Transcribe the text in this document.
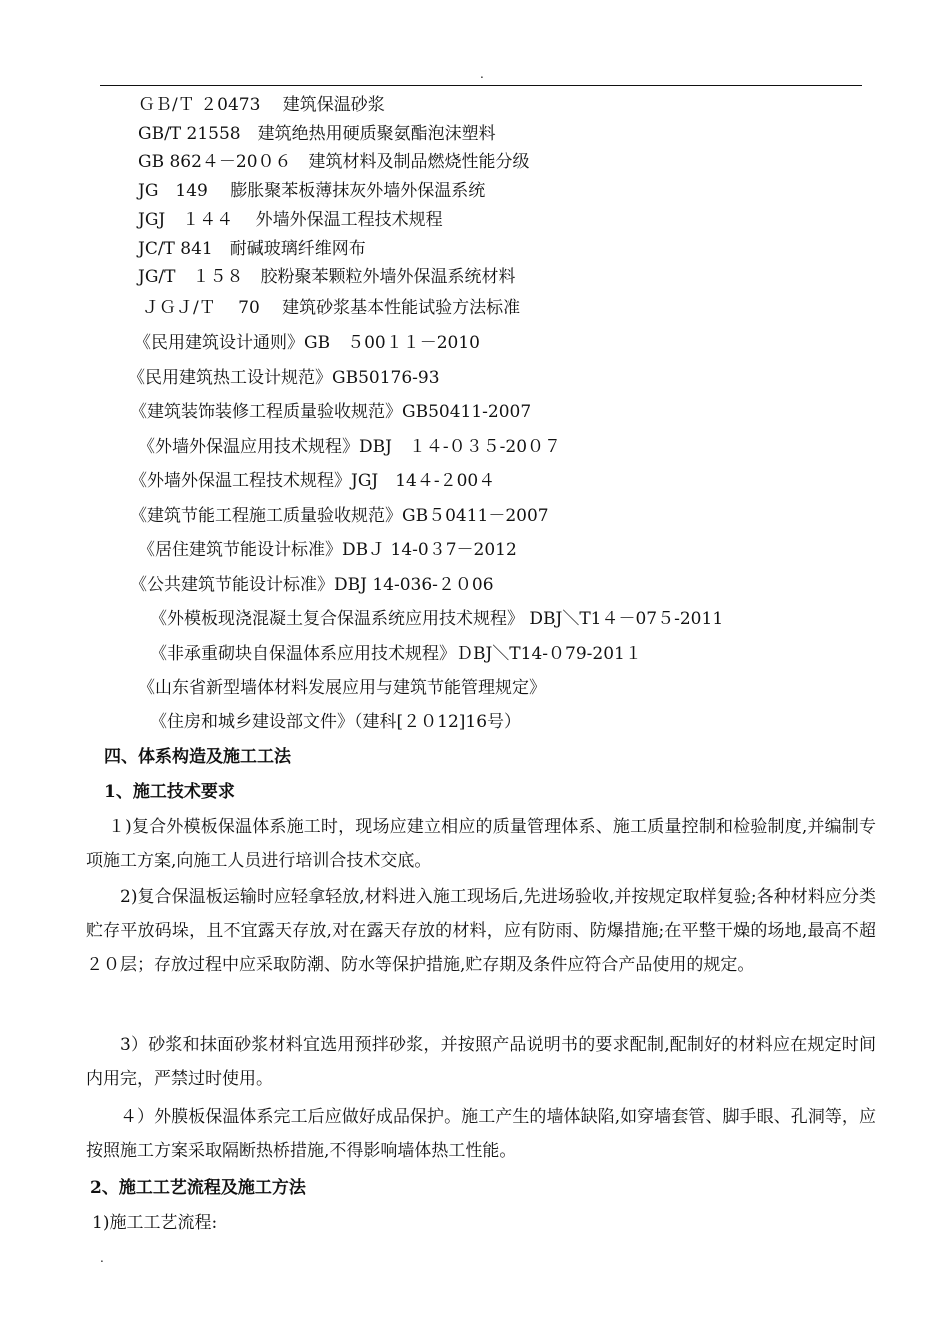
.
ＧＢ/Ｔ ２0473　 建筑保温砂浆
GB/T 21558　建筑绝热用硬质聚氨酯泡沫塑料
GB 862４－20０６　建筑材料及制品燃烧性能分级
JG　149　 膨胀聚苯板薄抹灰外墙外保温系统
JGJ　１４４　 外墙外保温工程技术规程
JC/T 841　耐碱玻璃纤维网布
JG/T　１５８　胶粉聚苯颗粒外墙外保温系统材料
ＪＧＪ/Ｔ　 70　 建筑砂浆基本性能试验方法标准
《民用建筑设计通则》GB　５00１１－2010
《民用建筑热工设计规范》GB50176-93
《建筑装饰装修工程质量验收规范》GB50411-2007
《外墙外保温应用技术规程》DBJ　１４-０３５-20０７
《外墙外保温工程技术规程》JGJ　14４-２00４
《建筑节能工程施工质量验收规范》GB５0411－2007
《居住建筑节能设计标准》DBＪ 14-0３7－2012
《公共建筑节能设计标准》DBJ 14-036-２０06
《外模板现浇混凝土复合保温系统应用技术规程》 DBJ＼T1４－07５-2011
《非承重砌块自保温体系应用技术规程》ＤBJ＼T14-０79-201１
《山东省新型墙体材料发展应用与建筑节能管理规定》
《住房和城乡建设部文件》（建科[２０12]16号）
四、体系构造及施工工法
1、施工技术要求
１)复合外模板保温体系施工时，现场应建立相应的质量管理体系、施工质量控制和检验制度,并编制专项施工方案,向施工人员进行培训合技术交底。
2)复合保温板运输时应轻拿轻放,材料进入施工现场后,先进场验收,并按规定取样复验;各种材料应分类贮存平放码垛，且不宜露天存放,对在露天存放的材料，应有防雨、防爆措施;在平整干燥的场地,最高不超２０层；存放过程中应采取防潮、防水等保护措施,贮存期及条件应符合产品使用的规定。
3）砂浆和抹面砂浆材料宜选用预拌砂浆，并按照产品说明书的要求配制,配制好的材料应在规定时间内用完，严禁过时使用。
４）外膜板保温体系完工后应做好成品保护。施工产生的墙体缺陷,如穿墙套管、脚手眼、孔洞等，应按照施工方案采取隔断热桥措施,不得影响墙体热工性能。
2、施工工艺流程及施工方法
1)施工工艺流程:
.
